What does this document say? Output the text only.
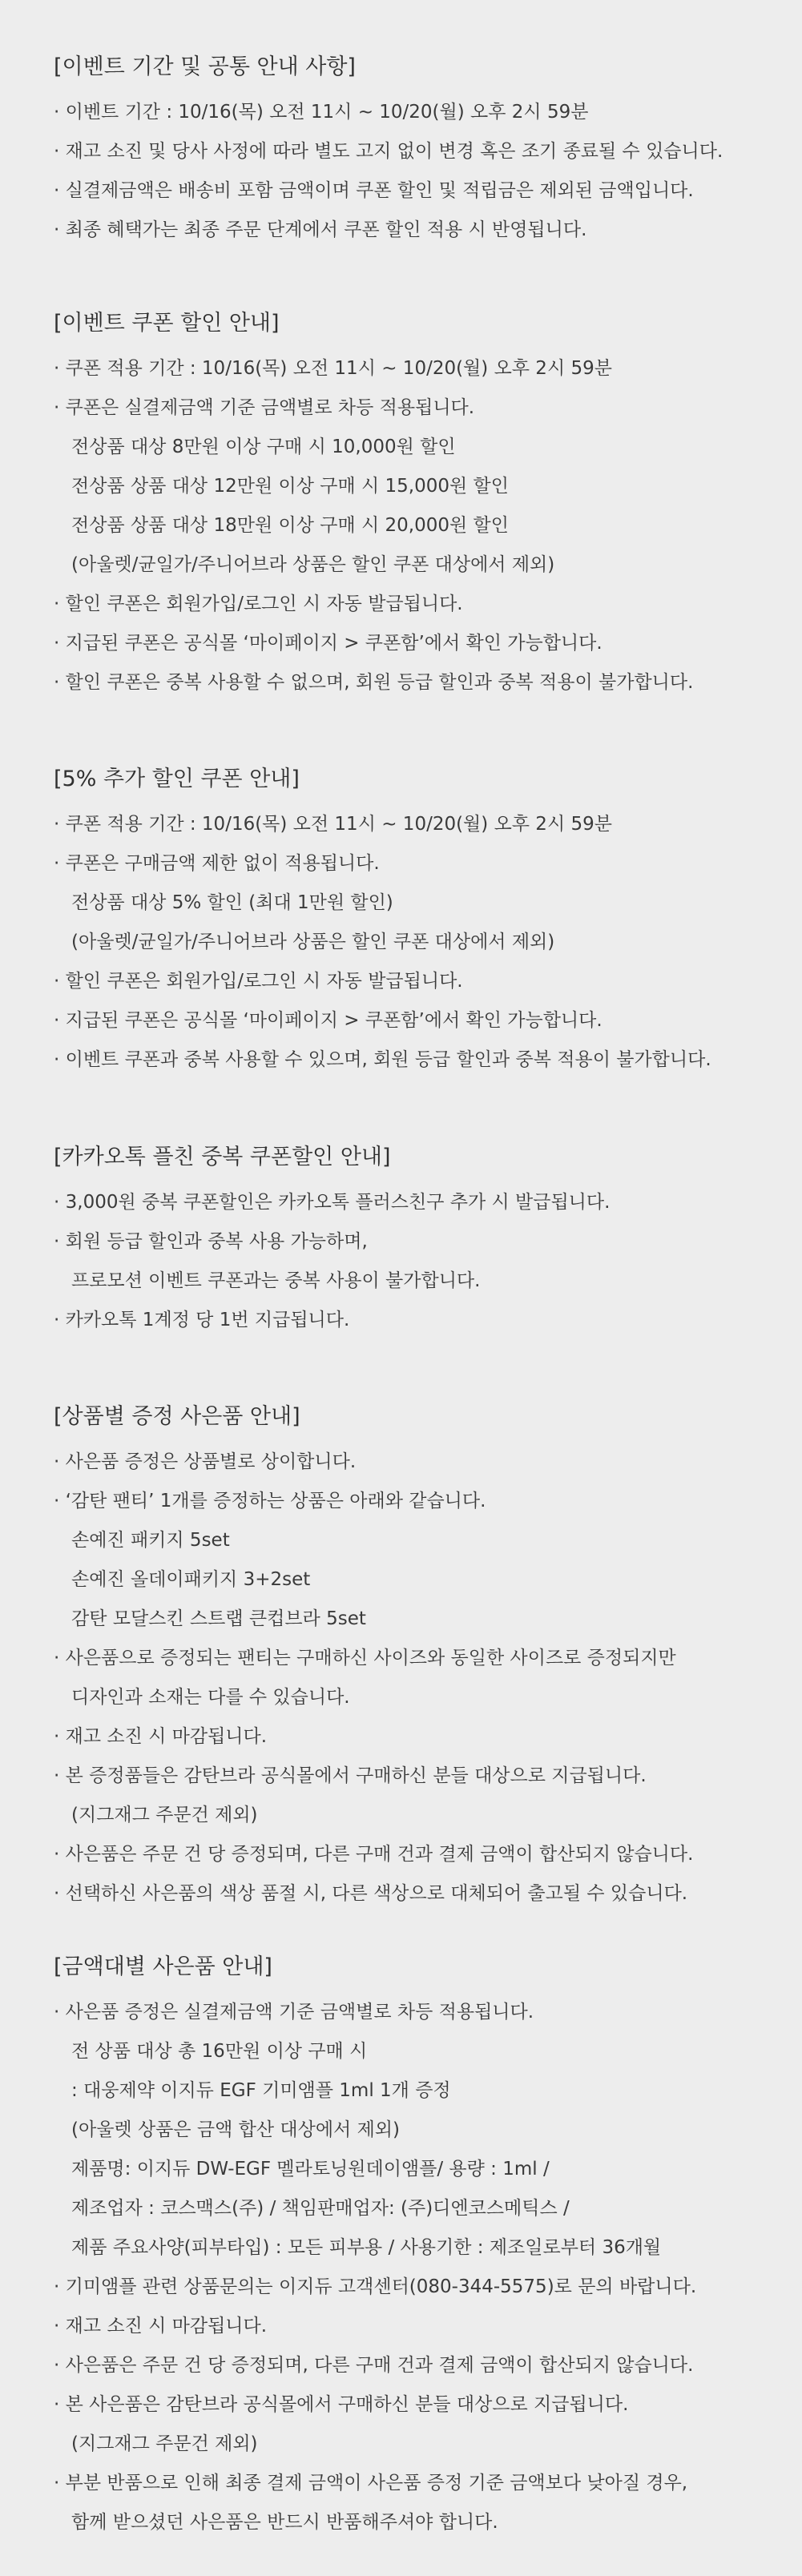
[이벤트 기간 및 공통 안내 사항]
· 이벤트 기간 : 10/16(목) 오전 11시 ~ 10/20(월) 오후 2시 59분
· 재고 소진 및 당사 사정에 따라 별도 고지 없이 변경 혹은 조기 종료될 수 있습니다.
· 실결제금액은 배송비 포함 금액이며 쿠폰 할인 및 적립금은 제외된 금액입니다.
· 최종 혜택가는 최종 주문 단계에서 쿠폰 할인 적용 시 반영됩니다.
[이벤트 쿠폰 할인 안내]
· 쿠폰 적용 기간 : 10/16(목) 오전 11시 ~ 10/20(월) 오후 2시 59분
· 쿠폰은 실결제금액 기준 금액별로 차등 적용됩니다.
전상품 대상 8만원 이상 구매 시 10,000원 할인
전상품 상품 대상 12만원 이상 구매 시 15,000원 할인
전상품 상품 대상 18만원 이상 구매 시 20,000원 할인
(아울렛/균일가/주니어브라 상품은 할인 쿠폰 대상에서 제외)
· 할인 쿠폰은 회원가입/로그인 시 자동 발급됩니다.
· 지급된 쿠폰은 공식몰 ‘마이페이지 > 쿠폰함’에서 확인 가능합니다.
· 할인 쿠폰은 중복 사용할 수 없으며, 회원 등급 할인과 중복 적용이 불가합니다.
[5% 추가 할인 쿠폰 안내]
· 쿠폰 적용 기간 : 10/16(목) 오전 11시 ~ 10/20(월) 오후 2시 59분
· 쿠폰은 구매금액 제한 없이 적용됩니다.
전상품 대상 5% 할인 (최대 1만원 할인)
(아울렛/균일가/주니어브라 상품은 할인 쿠폰 대상에서 제외)
· 할인 쿠폰은 회원가입/로그인 시 자동 발급됩니다.
· 지급된 쿠폰은 공식몰 ‘마이페이지 > 쿠폰함’에서 확인 가능합니다.
· 이벤트 쿠폰과 중복 사용할 수 있으며, 회원 등급 할인과 중복 적용이 불가합니다.
[카카오톡 플친 중복 쿠폰할인 안내]
· 3,000원 중복 쿠폰할인은 카카오톡 플러스친구 추가 시 발급됩니다.
· 회원 등급 할인과 중복 사용 가능하며,
프로모션 이벤트 쿠폰과는 중복 사용이 불가합니다.
· 카카오톡 1계정 당 1번 지급됩니다.
[상품별 증정 사은품 안내]
· 사은품 증정은 상품별로 상이합니다.
· ‘감탄 팬티’ 1개를 증정하는 상품은 아래와 같습니다.
손예진 패키지 5set
손예진 올데이패키지 3+2set
감탄 모달스킨 스트랩 큰컵브라 5set
· 사은품으로 증정되는 팬티는 구매하신 사이즈와 동일한 사이즈로 증정되지만
디자인과 소재는 다를 수 있습니다.
· 재고 소진 시 마감됩니다.
· 본 증정품들은 감탄브라 공식몰에서 구매하신 분들 대상으로 지급됩니다.
(지그재그 주문건 제외)
· 사은품은 주문 건 당 증정되며, 다른 구매 건과 결제 금액이 합산되지 않습니다.
· 선택하신 사은품의 색상 품절 시, 다른 색상으로 대체되어 출고될 수 있습니다.
[금액대별 사은품 안내]
· 사은품 증정은 실결제금액 기준 금액별로 차등 적용됩니다.
전 상품 대상 총 16만원 이상 구매 시
: 대웅제약 이지듀 EGF 기미앰플 1ml 1개 증정
(아울렛 상품은 금액 합산 대상에서 제외)
제품명: 이지듀 DW-EGF 멜라토닝원데이앰플/ 용량 : 1ml /
제조업자 : 코스맥스(주) / 책임판매업자: (주)디엔코스메틱스 /
제품 주요사양(피부타입) : 모든 피부용 / 사용기한 : 제조일로부터 36개월
· 기미앰플 관련 상품문의는 이지듀 고객센터(080-344-5575)로 문의 바랍니다.
· 재고 소진 시 마감됩니다.
· 사은품은 주문 건 당 증정되며, 다른 구매 건과 결제 금액이 합산되지 않습니다.
· 본 사은품은 감탄브라 공식몰에서 구매하신 분들 대상으로 지급됩니다.
(지그재그 주문건 제외)
· 부분 반품으로 인해 최종 결제 금액이 사은품 증정 기준 금액보다 낮아질 경우,
함께 받으셨던 사은품은 반드시 반품해주셔야 합니다.
